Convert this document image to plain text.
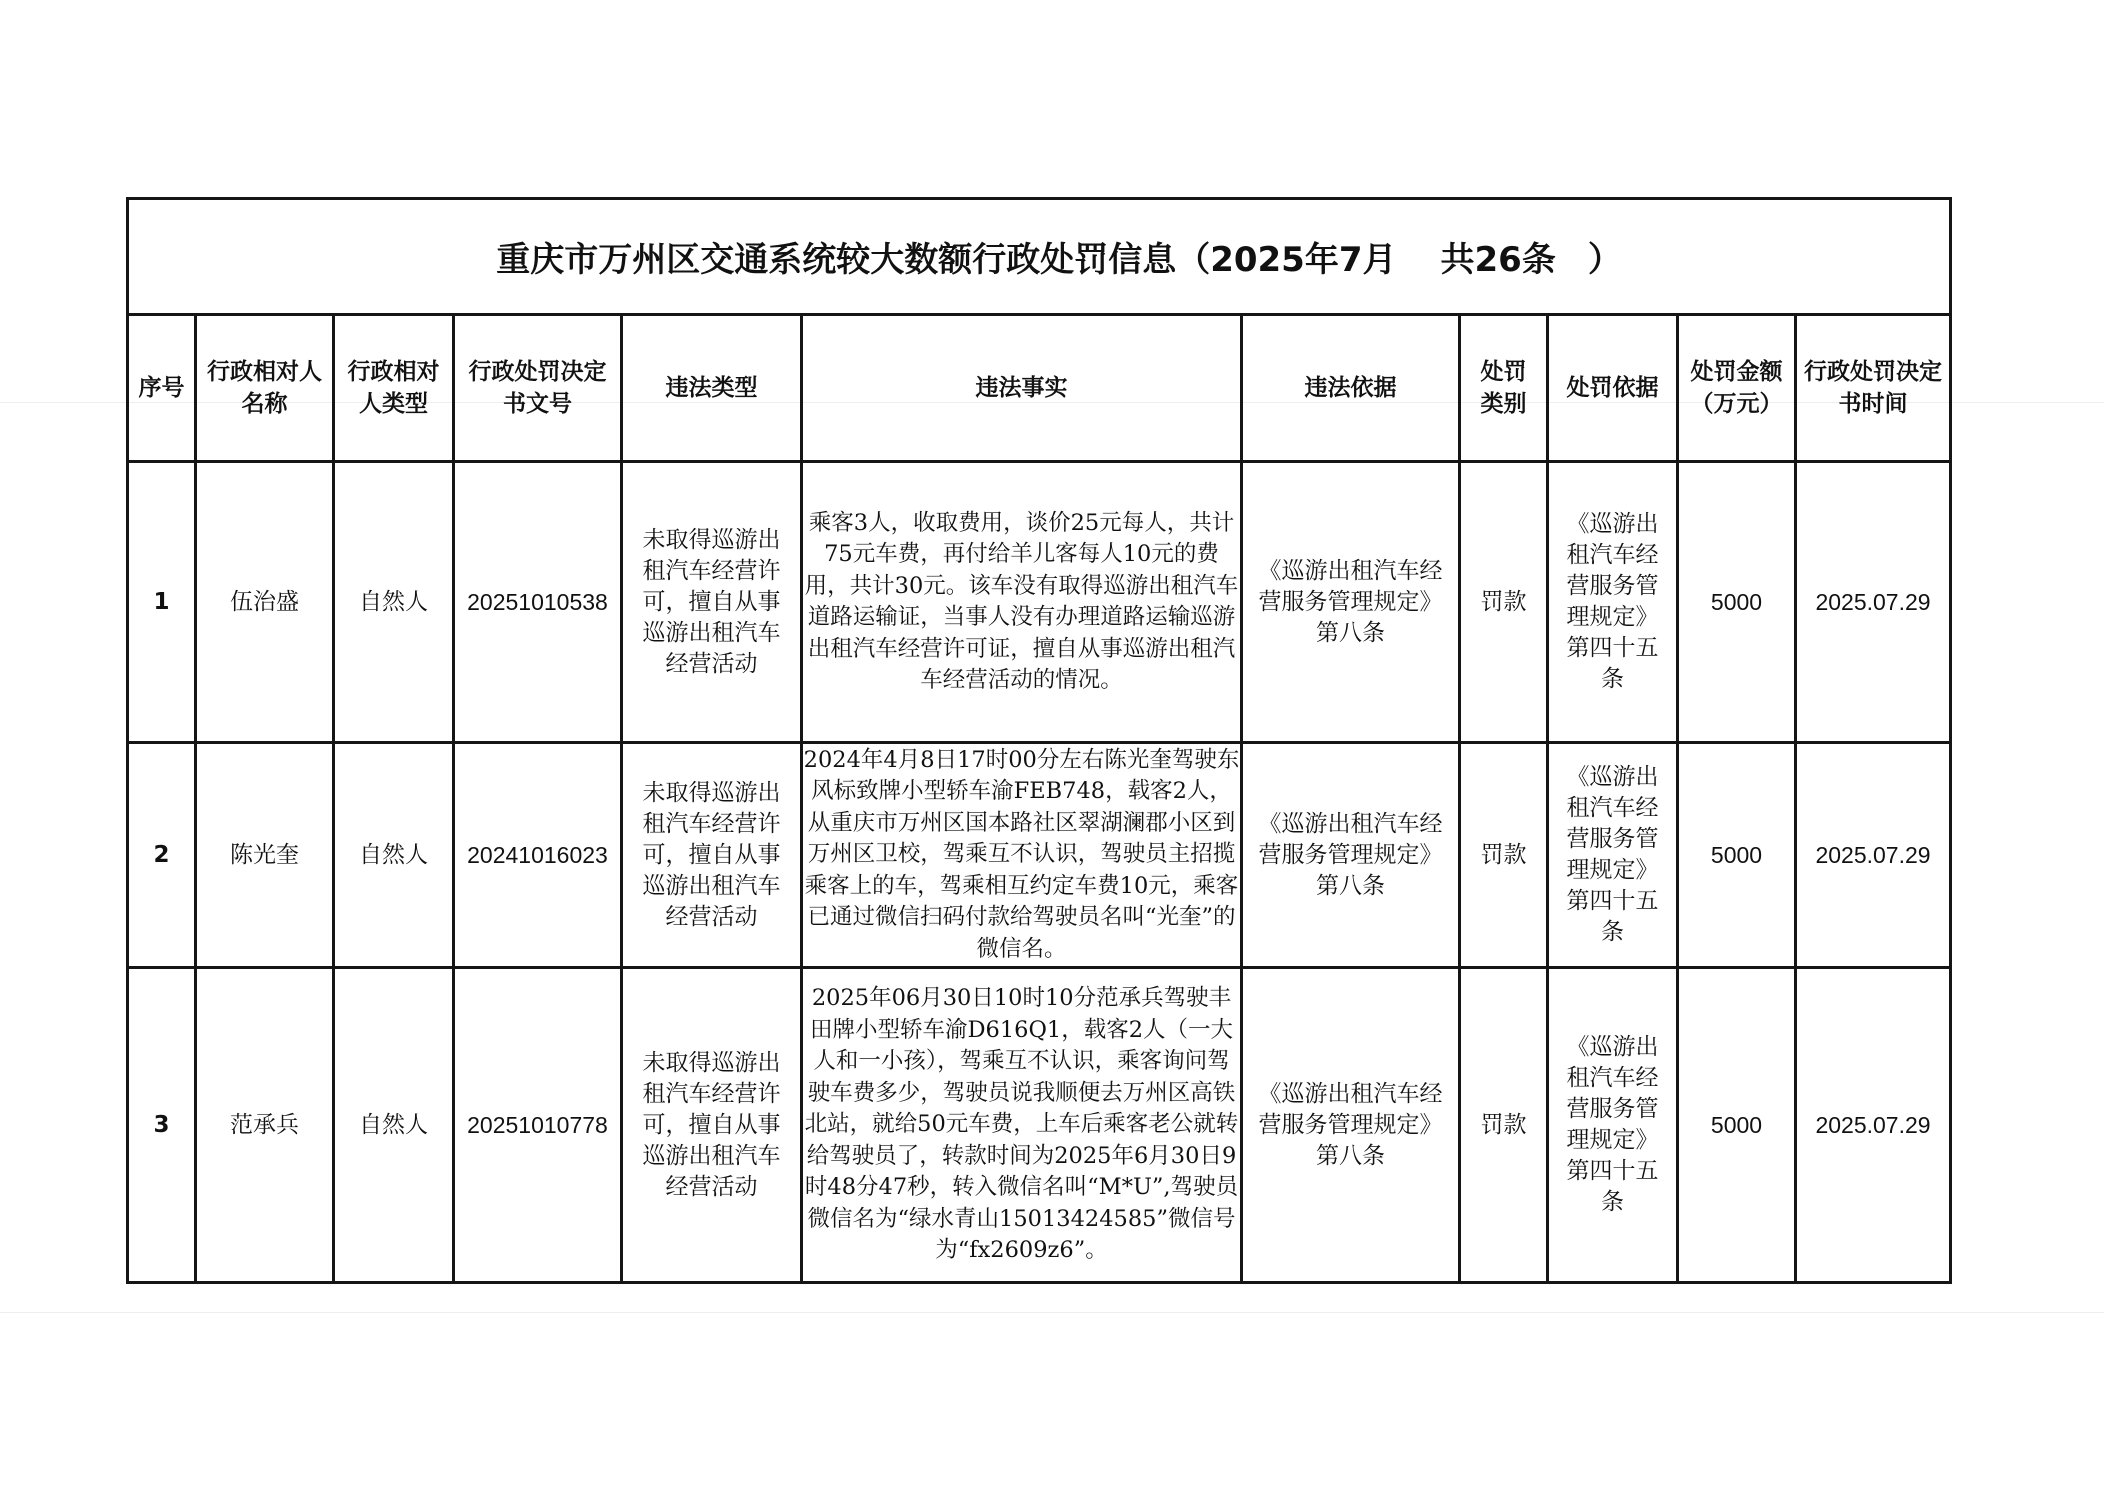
重庆市万州区交通系统较大数额行政处罚信息（2025年7月 共26条 ）										
序号	行政相对人名称	行政相对人类型	行政处罚决定书文号	违法类型	违法事实	违法依据	处罚类别	处罚依据	处罚金额（万元）	行政处罚决定书时间
1	伍治盛	自然人	20251010538	未取得巡游出租汽车经营许可，擅自从事巡游出租汽车经营活动	乘客3人，收取费用，谈价25元每人，共计75元车费，再付给羊儿客每人10元的费用，共计30元。该车没有取得巡游出租汽车道路运输证，当事人没有办理道路运输巡游出租汽车经营许可证，擅自从事巡游出租汽车经营活动的情况。	《巡游出租汽车经营服务管理规定》第八条	罚款	《巡游出租汽车经营服务管理规定》第四十五条	5000	2025.07.29
2	陈光奎	自然人	20241016023	未取得巡游出租汽车经营许可，擅自从事巡游出租汽车经营活动	2024年4月8日17时00分左右陈光奎驾驶东风标致牌小型轿车渝FEB748，载客2人，从重庆市万州区国本路社区翠湖澜郡小区到万州区卫校，驾乘互不认识，驾驶员主招揽乘客上的车，驾乘相互约定车费10元，乘客已通过微信扫码付款给驾驶员名叫“光奎”的微信名。	《巡游出租汽车经营服务管理规定》第八条	罚款	《巡游出租汽车经营服务管理规定》第四十五条	5000	2025.07.29
3	范承兵	自然人	20251010778	未取得巡游出租汽车经营许可，擅自从事巡游出租汽车经营活动	2025年06月30日10时10分范承兵驾驶丰田牌小型轿车渝D616Q1，载客2人（一大人和一小孩），驾乘互不认识，乘客询问驾驶车费多少，驾驶员说我顺便去万州区高铁北站，就给50元车费，上车后乘客老公就转给驾驶员了，转款时间为2025年6月30日9时48分47秒，转入微信名叫“M*U”,驾驶员微信名为“绿水青山15013424585”微信号为“fx2609z6”。	《巡游出租汽车经营服务管理规定》第八条	罚款	《巡游出租汽车经营服务管理规定》第四十五条	5000	2025.07.29
